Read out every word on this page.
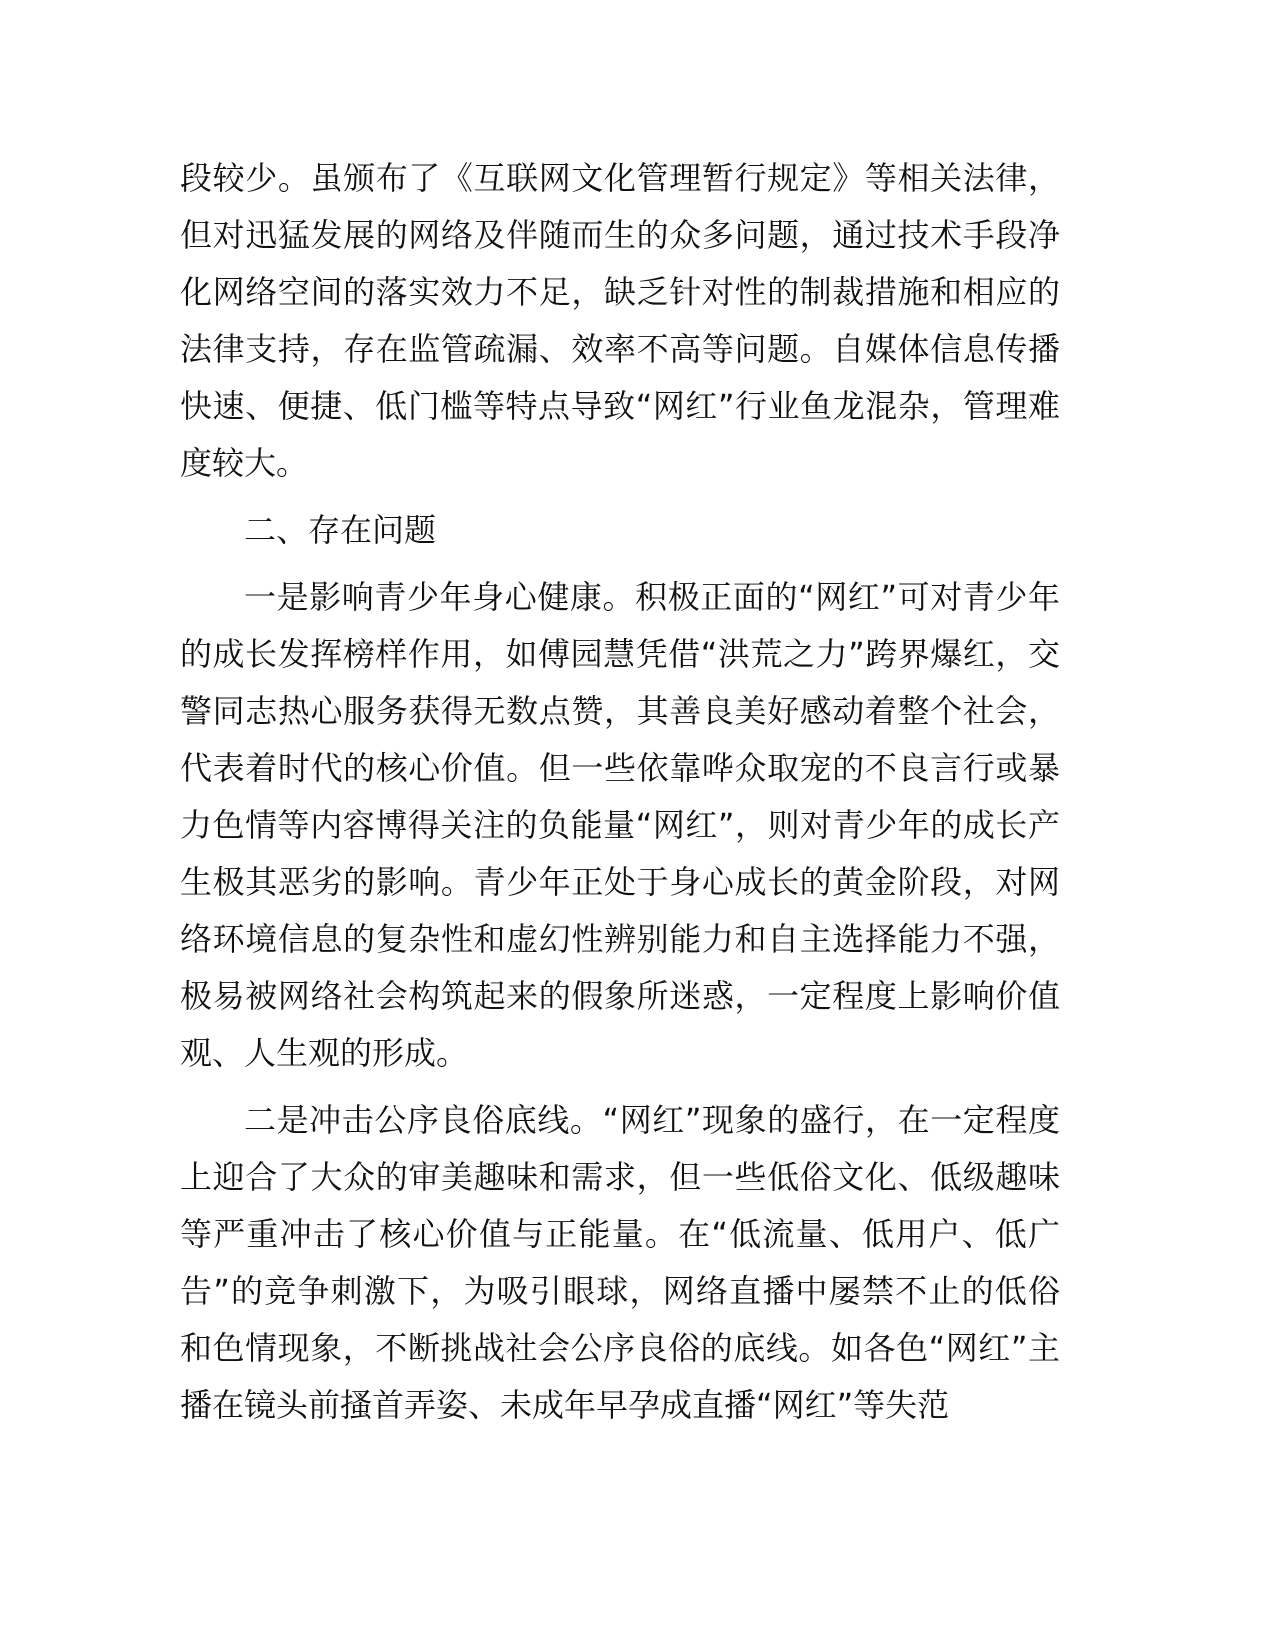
段较少。虽颁布了《互联网文化管理暂行规定》等相关法律，但对迅猛发展的网络及伴随而生的众多问题，通过技术手段净化网络空间的落实效力不足，缺乏针对性的制裁措施和相应的法律支持，存在监管疏漏、效率不高等问题。自媒体信息传播快速、便捷、低门槛等特点导致“网红”行业鱼龙混杂，管理难度较大。

二、存在问题

一是影响青少年身心健康。积极正面的“网红”可对青少年的成长发挥榜样作用，如傅园慧凭借“洪荒之力”跨界爆红，交警同志热心服务获得无数点赞，其善良美好感动着整个社会，代表着时代的核心价值。但一些依靠哗众取宠的不良言行或暴力色情等内容博得关注的负能量“网红”，则对青少年的成长产生极其恶劣的影响。青少年正处于身心成长的黄金阶段，对网络环境信息的复杂性和虚幻性辨别能力和自主选择能力不强，极易被网络社会构筑起来的假象所迷惑，一定程度上影响价值观、人生观的形成。

二是冲击公序良俗底线。“网红”现象的盛行，在一定程度上迎合了大众的审美趣味和需求，但一些低俗文化、低级趣味等严重冲击了核心价值与正能量。在“低流量、低用户、低广告”的竞争刺激下，为吸引眼球，网络直播中屡禁不止的低俗和色情现象，不断挑战社会公序良俗的底线。如各色“网红”主播在镜头前搔首弄姿、未成年早孕成直播“网红”等失范
